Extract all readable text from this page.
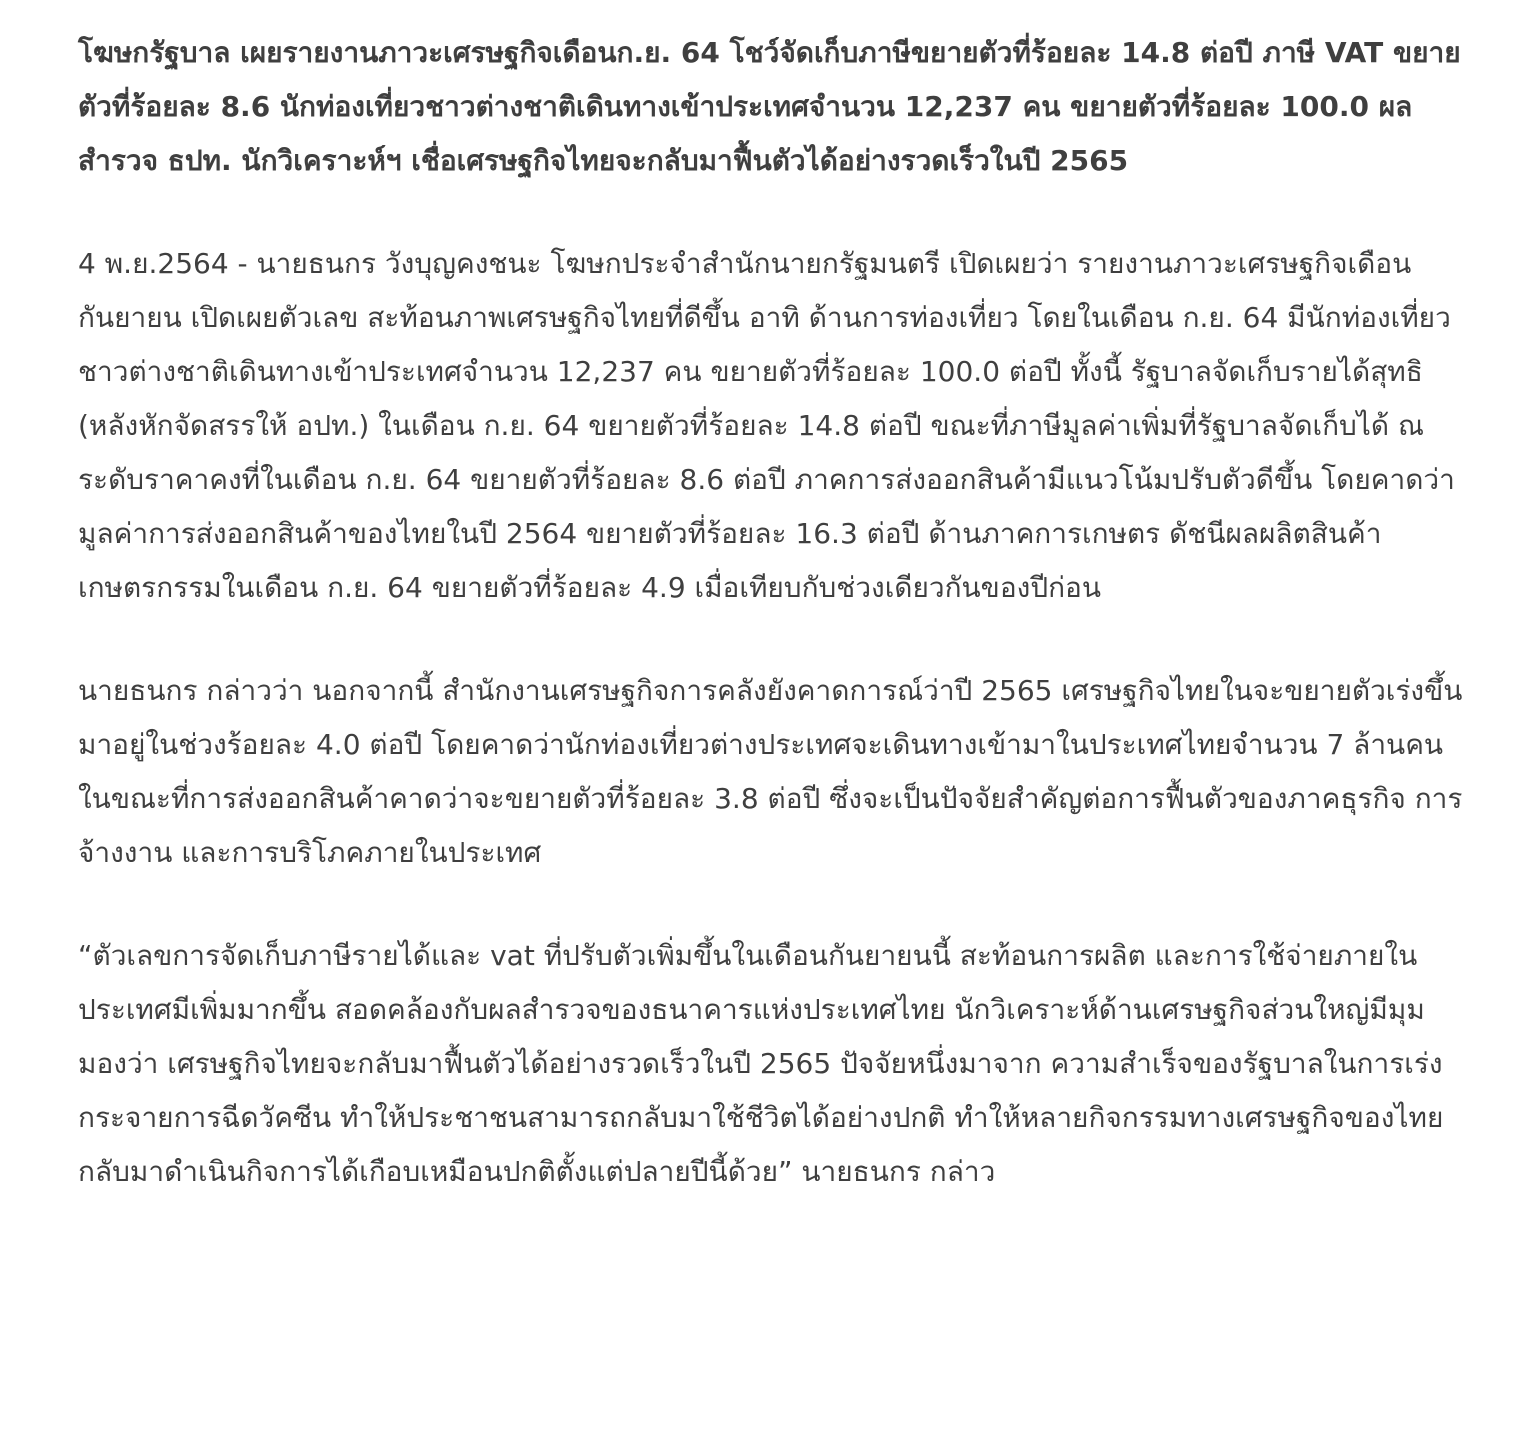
โฆษกรัฐบาล เผยรายงานภาวะเศรษฐกิจเดือนก.ย. 64 โชว์จัดเก็บภาษีขยายตัวที่ร้อยละ 14.8 ต่อปี ภาษี VAT ขยายตัวที่ร้อยละ 8.6 นักท่องเที่ยวชาวต่างชาติเดินทางเข้าประเทศจำนวน 12,237 คน ขยายตัวที่ร้อยละ 100.0 ผลสำรวจ ธปท. นักวิเคราะห์ฯ เชื่อเศรษฐกิจไทยจะกลับมาฟื้นตัวได้อย่างรวดเร็วในปี 2565

4 พ.ย.2564 - นายธนกร วังบุญคงชนะ โฆษกประจำสำนักนายกรัฐมนตรี เปิดเผยว่า รายงานภาวะเศรษฐกิจเดือนกันยายน เปิดเผยตัวเลข สะท้อนภาพเศรษฐกิจไทยที่ดีขึ้น อาทิ ด้านการท่องเที่ยว โดยในเดือน ก.ย. 64 มีนักท่องเที่ยวชาวต่างชาติเดินทางเข้าประเทศจำนวน 12,237 คน ขยายตัวที่ร้อยละ 100.0 ต่อปี ทั้งนี้ รัฐบาลจัดเก็บรายได้สุทธิ (หลังหักจัดสรรให้ อปท.) ในเดือน ก.ย. 64 ขยายตัวที่ร้อยละ 14.8 ต่อปี ขณะที่ภาษีมูลค่าเพิ่มที่รัฐบาลจัดเก็บได้ ณ ระดับราคาคงที่ในเดือน ก.ย. 64 ขยายตัวที่ร้อยละ 8.6 ต่อปี ภาคการส่งออกสินค้ามีแนวโน้มปรับตัวดีขึ้น โดยคาดว่ามูลค่าการส่งออกสินค้าของไทยในปี 2564 ขยายตัวที่ร้อยละ 16.3 ต่อปี ด้านภาคการเกษตร ดัชนีผลผลิตสินค้าเกษตรกรรมในเดือน ก.ย. 64 ขยายตัวที่ร้อยละ 4.9 เมื่อเทียบกับช่วงเดียวกันของปีก่อน

นายธนกร กล่าวว่า นอกจากนี้ สำนักงานเศรษฐกิจการคลังยังคาดการณ์ว่าปี 2565 เศรษฐกิจไทยในจะขยายตัวเร่งขึ้นมาอยู่ในช่วงร้อยละ 4.0 ต่อปี โดยคาดว่านักท่องเที่ยวต่างประเทศจะเดินทางเข้ามาในประเทศไทยจำนวน 7 ล้านคน ในขณะที่การส่งออกสินค้าคาดว่าจะขยายตัวที่ร้อยละ 3.8 ต่อปี ซึ่งจะเป็นปัจจัยสำคัญต่อการฟื้นตัวของภาคธุรกิจ การจ้างงาน และการบริโภคภายในประเทศ

“ตัวเลขการจัดเก็บภาษีรายได้และ vat ที่ปรับตัวเพิ่มขึ้นในเดือนกันยายนนี้ สะท้อนการผลิต และการใช้จ่ายภายในประเทศมีเพิ่มมากขึ้น สอดคล้องกับผลสำรวจของธนาคารแห่งประเทศไทย นักวิเคราะห์ด้านเศรษฐกิจส่วนใหญ่มีมุมมองว่า เศรษฐกิจไทยจะกลับมาฟื้นตัวได้อย่างรวดเร็วในปี 2565 ปัจจัยหนึ่งมาจาก ความสำเร็จของรัฐบาลในการเร่งกระจายการฉีดวัคซีน ทำให้ประชาชนสามารถกลับมาใช้ชีวิตได้อย่างปกติ ทำให้หลายกิจกรรมทางเศรษฐกิจของไทยกลับมาดำเนินกิจการได้เกือบเหมือนปกติตั้งแต่ปลายปีนี้ด้วย” นายธนกร กล่าว
